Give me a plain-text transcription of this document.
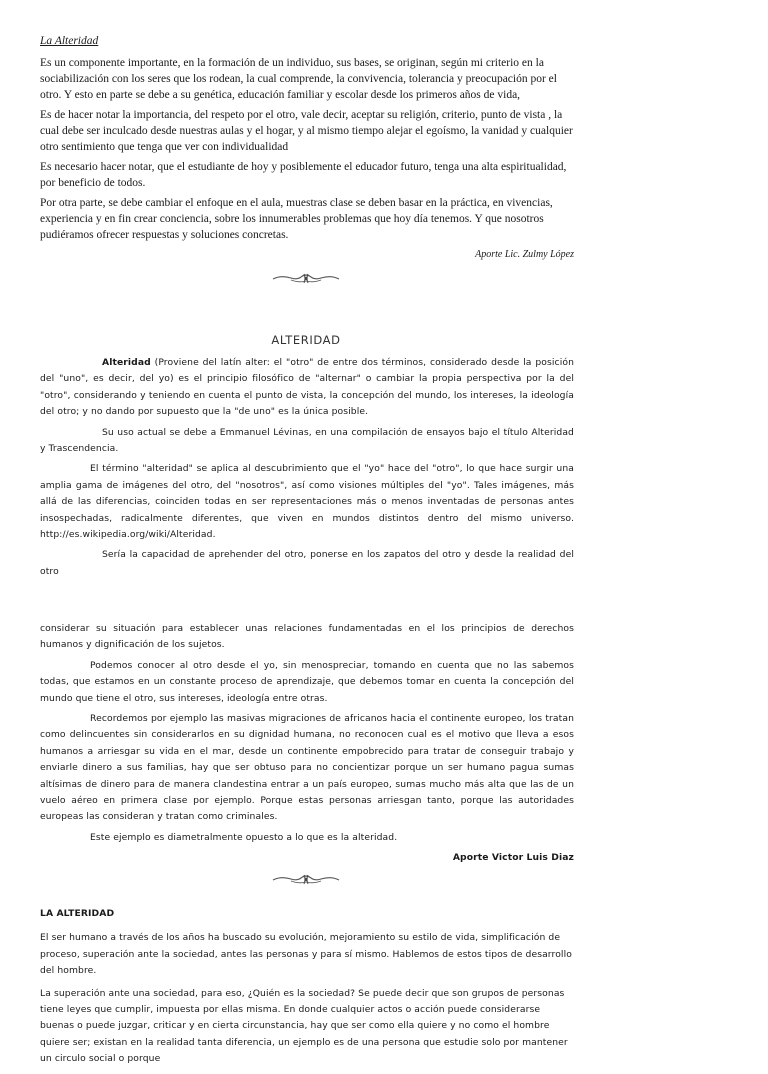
La Alteridad

Es un componente importante, en la formación de un individuo, sus bases, se originan, según mi criterio en la sociabilización con los seres que los rodean, la cual comprende, la convivencia, tolerancia y preocupación por el otro. Y esto en parte se debe a su genética, educación familiar y escolar desde los primeros años de vida,

Es de hacer notar la importancia, del respeto por el otro, vale decir, aceptar su religión, criterio, punto de vista , la cual debe ser inculcado desde nuestras aulas y el hogar, y al mismo tiempo alejar el egoísmo, la vanidad y cualquier otro sentimiento que tenga que ver con individualidad

Es necesario hacer notar, que el estudiante de hoy y posiblemente el educador futuro, tenga una alta espiritualidad, por beneficio de todos.

Por otra parte, se debe cambiar el enfoque en el aula, muestras clase se deben basar en la práctica, en vivencias, experiencia y en fin crear conciencia, sobre los innumerables problemas que hoy día tenemos. Y que nosotros pudiéramos ofrecer respuestas y soluciones concretas.

Aporte Lic. Zulmy López

ALTERIDAD

Alteridad (Proviene del latín alter: el "otro" de entre dos términos, considerado desde la posición del "uno", es decir, del yo) es el principio filosófico de "alternar" o cambiar la propia perspectiva por la del "otro", considerando y teniendo en cuenta el punto de vista, la concepción del mundo, los intereses, la ideología del otro; y no dando por supuesto que la "de uno" es la única posible.

Su uso actual se debe a Emmanuel Lévinas, en una compilación de ensayos bajo el título Alteridad y Trascendencia.

El término "alteridad" se aplica al descubrimiento que el "yo" hace del "otro", lo que hace surgir una amplia gama de imágenes del otro, del "nosotros", así como visiones múltiples del "yo". Tales imágenes, más allá de las diferencias, coinciden todas en ser representaciones más o menos inventadas de personas antes insospechadas, radicalmente diferentes, que viven en mundos distintos dentro del mismo universo. http://es.wikipedia.org/wiki/Alteridad.

Sería la capacidad de aprehender del otro, ponerse en los zapatos del otro y desde la realidad del otro

considerar su situación para establecer unas relaciones fundamentadas en el los principios de derechos humanos y dignificación de los sujetos.

Podemos conocer al otro desde el yo, sin menospreciar, tomando en cuenta que no las sabemos todas, que estamos en un constante proceso de aprendizaje, que debemos tomar en cuenta la concepción del mundo que tiene el otro, sus intereses, ideología entre otras.

Recordemos por ejemplo las masivas migraciones de africanos hacia el continente europeo, los tratan como delincuentes sin considerarlos en su dignidad humana, no reconocen cual es el motivo que lleva a esos humanos a arriesgar su vida en el mar, desde un continente empobrecido para tratar de conseguir trabajo y enviarle dinero a sus familias, hay que ser obtuso para no concientizar porque un ser humano pagua sumas altísimas de dinero para de manera clandestina entrar a un país europeo, sumas mucho más alta que las de un vuelo aéreo en primera clase por ejemplo. Porque estas personas arriesgan tanto, porque las autoridades europeas las consideran y tratan como criminales.

Este ejemplo es diametralmente opuesto a lo que es la alteridad.

Aporte Victor Luis Diaz

LA ALTERIDAD

El ser humano a través de los años ha buscado su evolución, mejoramiento su estilo de vida, simplificación de proceso, superación ante la sociedad, antes las personas y para sí mismo. Hablemos de estos tipos de desarrollo del hombre.

La superación ante una sociedad, para eso, ¿Quién es la sociedad? Se puede decir que son grupos de personas tiene leyes que cumplir, impuesta por ellas misma. En donde cualquier actos o acción puede considerarse buenas o puede juzgar, criticar y en cierta circunstancia, hay que ser como ella quiere y no como el hombre quiere ser; existan en la realidad tanta diferencia, un ejemplo es de una persona que estudie solo por mantener un circulo social o porque
